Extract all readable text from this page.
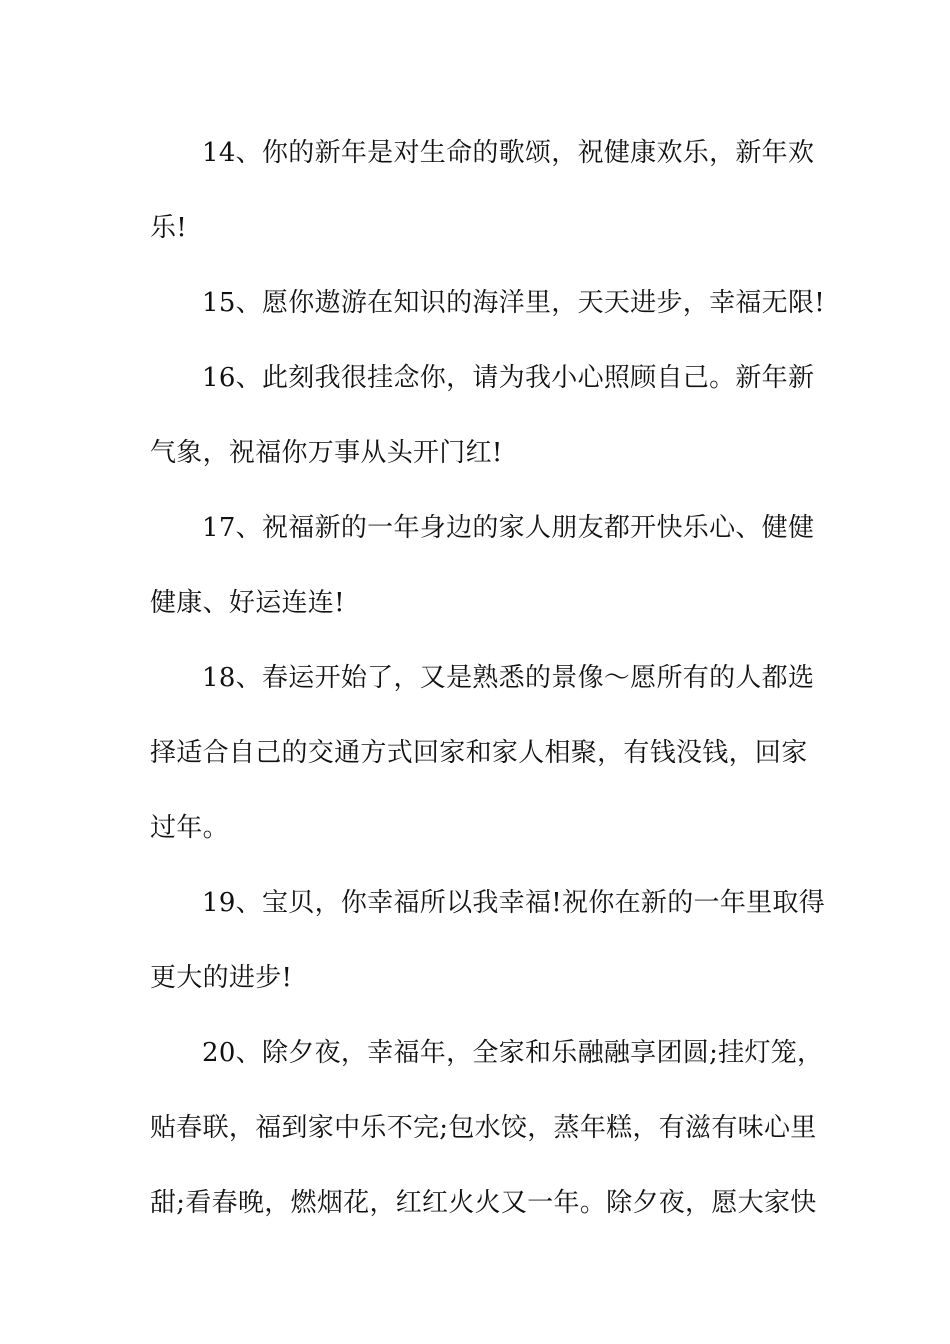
14、你的新年是对生命的歌颂，祝健康欢乐，新年欢
乐!
15、愿你遨游在知识的海洋里，天天进步，幸福无限!
16、此刻我很挂念你，请为我小心照顾自己。新年新
气象，祝福你万事从头开门红!
17、祝福新的一年身边的家人朋友都开快乐心、健健
健康、好运连连!
18、春运开始了，又是熟悉的景像～愿所有的人都选
择适合自己的交通方式回家和家人相聚，有钱没钱，回家
过年。
19、宝贝，你幸福所以我幸福!祝你在新的一年里取得
更大的进步!
20、除夕夜，幸福年，全家和乐融融享团圆;挂灯笼，
贴春联，福到家中乐不完;包水饺，蒸年糕，有滋有味心里
甜;看春晚，燃烟花，红红火火又一年。除夕夜，愿大家快
